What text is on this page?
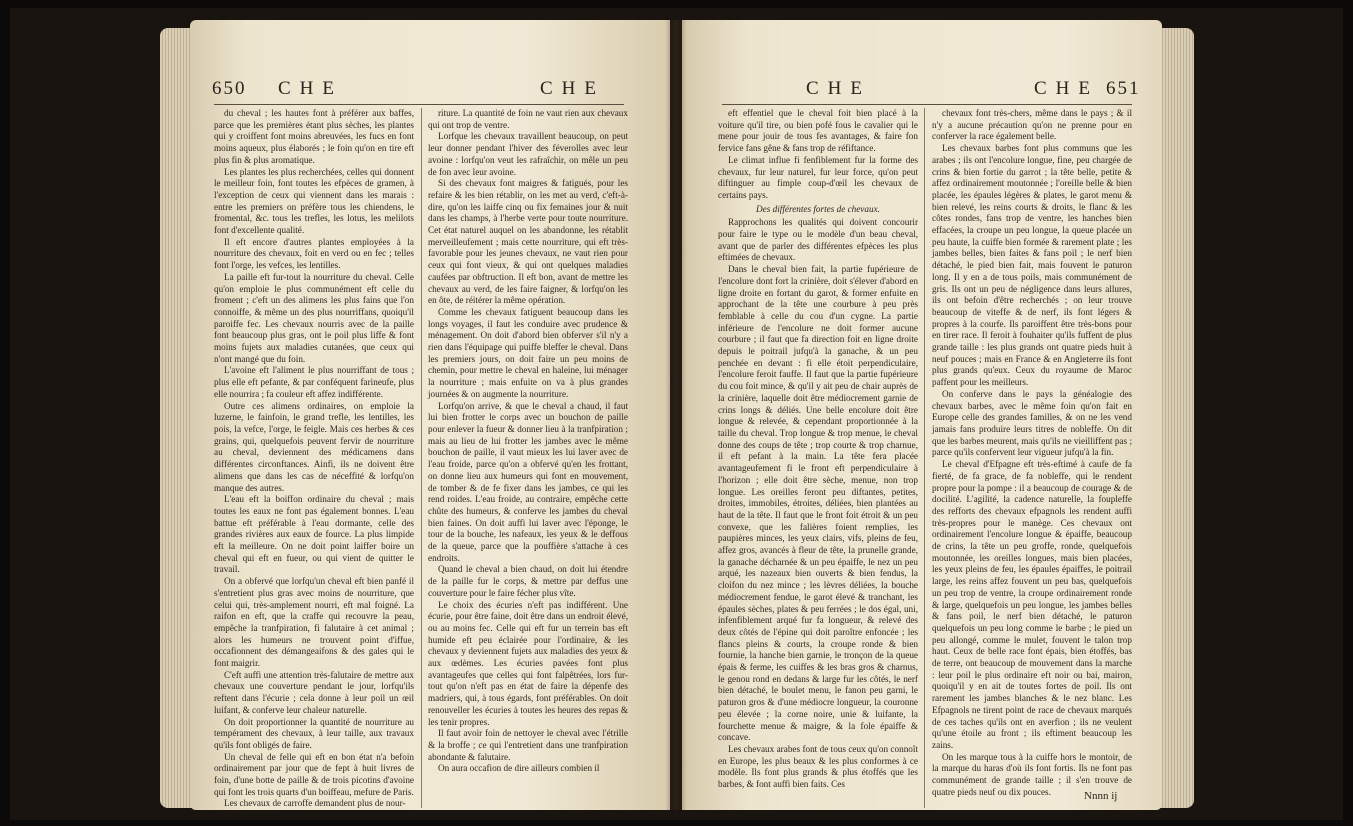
650 CHE	CHE

du cheval ; les hautes font à préférer aux baffes, parce que les premières étant plus sèches, les plantes qui y croiffent font moins abreuvées, les fucs en font moins aqueux, plus élaborés ; le foin qu'on en tire eft plus fin & plus aromatique.

Les plantes les plus recherchées, celles qui donnent le meilleur foin, font toutes les efpèces de gramen, à l'exception de ceux qui viennent dans les marais : entre les premiers on préfère tous les chiendens, le fromental, &c. tous les trefles, les lotus, les melilots font d'excellente qualité.

Il eft encore d'autres plantes employées à la nourriture des chevaux, foit en verd ou en fec ; telles font l'orge, les vefces, les lentilles.

La paille eft fur-tout la nourriture du cheval. Celle qu'on emploie le plus communément eft celle du froment ; c'eft un des alimens les plus fains que l'on connoiffe, & même un des plus nourriffans, quoiqu'il paroiffe fec. Les chevaux nourris avec de la paille font beaucoup plus gras, ont le poil plus liffe & font moins fujets aux maladies cutanées, que ceux qui n'ont mangé que du foin.

L'avoine eft l'aliment le plus nourriffant de tous ; plus elle eft pefante, & par conféquent farineufe, plus elle nourrira ; fa couleur eft affez indifférente.

Outre ces alimens ordinaires, on emploie la luzerne, le fainfoin, le grand trefle, les lentilles, les pois, la vefce, l'orge, le feigle. Mais ces herbes & ces grains, qui, quelquefois peuvent fervir de nourriture au cheval, deviennent des médicamens dans différentes circonftances. Ainfi, ils ne doivent être alimens que dans les cas de néceffité & lorfqu'on manque des autres.

L'eau eft la boiffon ordinaire du cheval ; mais toutes les eaux ne font pas également bonnes. L'eau battue eft préférable à l'eau dormante, celle des grandes rivières aux eaux de fource. La plus limpide eft la meilleure. On ne doit point laiffer boire un cheval qui eft en fueur, ou qui vient de quitter le travail.

On a obfervé que lorfqu'un cheval eft bien panfé il s'entretient plus gras avec moins de nourriture, que celui qui, très-amplement nourri, eft mal foigné. La raifon en eft, que la craffe qui recouvre la peau, empêche la tranfpiration, fi falutaire à cet animal ; alors les humeurs ne trouvent point d'iffue, occafionnent des démangeaifons & des gales qui le font maigrir.

C'eft auffi une attention très-falutaire de mettre aux chevaux une couverture pendant le jour, lorfqu'ils reftent dans l'écurie ; cela donne à leur poil un œil luifant, & conferve leur chaleur naturelle.

On doit proportionner la quantité de nourriture au tempérament des chevaux, à leur taille, aux travaux qu'ils font obligés de faire.

Un cheval de felle qui eft en bon état n'a befoin ordinairement par jour que de fept à huit livres de foin, d'une botte de paille & de trois picotins d'avoine qui font les trois quarts d'un boiffeau, mefure de Paris.

Les chevaux de carroffe demandent plus de nour-

riture. La quantité de foin ne vaut rien aux chevaux qui ont trop de ventre.

Lorfque les chevaux travaillent beaucoup, on peut leur donner pendant l'hiver des féverolles avec leur avoine : lorfqu'on veut les rafraîchir, on mêle un peu de fon avec leur avoine.

Si des chevaux font maigres & fatigués, pour les refaire & les bien rétablir, on les met au verd, c'eft-à-dire, qu'on les laiffe cinq ou fix femaines jour & nuit dans les champs, à l'herbe verte pour toute nourriture. Cet état naturel auquel on les abandonne, les rétablit merveilleufement ; mais cette nourriture, qui eft très-favorable pour les jeunes chevaux, ne vaut rien pour ceux qui font vieux, & qui ont quelques maladies caufées par obftruction. Il eft bon, avant de mettre les chevaux au verd, de les faire faigner, & lorfqu'on les en ôte, de réitérer la même opération.

Comme les chevaux fatiguent beaucoup dans les longs voyages, il faut les conduire avec prudence & ménagement. On doit d'abord bien obferver s'il n'y a rien dans l'équipage qui puiffe bleffer le cheval. Dans les premiers jours, on doit faire un peu moins de chemin, pour mettre le cheval en haleine, lui ménager la nourriture ; mais enfuite on va à plus grandes journées & on augmente la nourriture.

Lorfqu'on arrive, & que le cheval a chaud, il faut lui bien frotter le corps avec un bouchon de paille pour enlever la fueur & donner lieu à la tranfpiration ; mais au lieu de lui frotter les jambes avec le même bouchon de paille, il vaut mieux les lui laver avec de l'eau froide, parce qu'on a obfervé qu'en les frottant, on donne lieu aux humeurs qui font en mouvement, de tomber & de fe fixer dans les jambes, ce qui les rend roides. L'eau froide, au contraire, empêche cette chûte des humeurs, & conferve les jambes du cheval bien faines. On doit auffi lui laver avec l'éponge, le tour de la bouche, les nafeaux, les yeux & le deffous de la queue, parce que la pouffière s'attache à ces endroits.

Quand le cheval a bien chaud, on doit lui étendre de la paille fur le corps, & mettre par deffus une couverture pour le faire fécher plus vîte.

Le choix des écuries n'eft pas indifférent. Une écurie, pour être faine, doit être dans un endroit élevé, ou au moins fec. Celle qui eft fur un terrein bas eft humide eft peu éclairée pour l'ordinaire, & les chevaux y deviennent fujets aux maladies des yeux & aux œdèmes. Les écuries pavées font plus avantageufes que celles qui font falpêtrées, lors fur-tout qu'on n'eft pas en état de faire la dépenfe des madriers, qui, à tous égards, font préférables. On doit renouveller les écuries à toutes les heures des repas & les tenir propres.

Il faut avoir foin de nettoyer le cheval avec l'étrille & la broffe ; ce qui l'entretient dans une tranfpiration abondante & falutaire.

On aura occafion de dire ailleurs combien il

CHE	CHE 651

eft effentiel que le cheval foit bien placé à la voiture qu'il tire, ou bien pofé fous le cavalier qui le mene pour jouir de tous fes avantages, & faire fon fervice fans gêne & fans trop de réfiftance.

Le climat influe fi fenfiblement fur la forme des chevaux, fur leur naturel, fur leur force, qu'on peut diftinguer au fimple coup-d'œil les chevaux de certains pays.

Des différentes fortes de chevaux.

Rapprochons les qualités qui doivent concourir pour faire le type ou le modèle d'un beau cheval, avant que de parler des différentes efpèces les plus eftimées de chevaux.

Dans le cheval bien fait, la partie fupérieure de l'encolure dont fort la crinière, doit s'élever d'abord en ligne droite en fortant du garot, & former enfuite en approchant de la tête une courbure à peu près femblable à celle du cou d'un cygne. La partie inférieure de l'encolure ne doit former aucune courbure ; il faut que fa direction foit en ligne droite depuis le poitrail jufqu'à la ganache, & un peu penchée en devant : fi elle étoit perpendiculaire, l'encolure feroit fauffe. Il faut que la partie fupérieure du cou foit mince, & qu'il y ait peu de chair auprès de la crinière, laquelle doit être médiocrement garnie de crins longs & déliés. Une belle encolure doit être longue & relevée, & cependant proportionnée à la taille du cheval. Trop longue & trop menue, le cheval donne des coups de tête ; trop courte & trop charnue, il eft pefant à la main. La tête fera placée avantageufement fi le front eft perpendiculaire à l'horizon ; elle doit être sèche, menue, non trop longue. Les oreilles feront peu diftantes, petites, droites, immobiles, étroites, déliées, bien plantées au haut de la tête. Il faut que le front foit étroit & un peu convexe, que les falières foient remplies, les paupières minces, les yeux clairs, vifs, pleins de feu, affez gros, avancés à fleur de tête, la prunelle grande, la ganache décharnée & un peu épaiffe, le nez un peu arqué, les nazeaux bien ouverts & bien fendus, la cloifon du nez mince ; les lèvres déliées, la bouche médiocrement fendue, le garot élevé & tranchant, les épaules sèches, plates & peu ferrées ; le dos égal, uni, infenfiblement arqué fur fa longueur, & relevé des deux côtés de l'épine qui doit paroître enfoncée ; les flancs pleins & courts, la croupe ronde & bien fournie, la hanche bien garnie, le tronçon de la queue épais & ferme, les cuiffes & les bras gros & charnus, le genou rond en dedans & large fur les côtés, le nerf bien détaché, le boulet menu, le fanon peu garni, le paturon gros & d'une médiocre longueur, la couronne peu élevée ; la corne noire, unie & luifante, la fourchette menue & maigre, & la fole épaiffe & concave.

Les chevaux arabes font de tous ceux qu'on connoît en Europe, les plus beaux & les plus conformes à ce modèle. Ils font plus grands & plus étoffés que les barbes, & font auffi bien faits. Ces

chevaux font très-chers, même dans le pays ; & il n'y a aucune précaution qu'on ne prenne pour en conferver la race également belle.

Les chevaux barbes font plus communs que les arabes ; ils ont l'encolure longue, fine, peu chargée de crins & bien fortie du garrot ; la tête belle, petite & affez ordinairement moutonnée ; l'oreille belle & bien placée, les épaules légères & plates, le garot menu & bien relevé, les reins courts & droits, le flanc & les côtes rondes, fans trop de ventre, les hanches bien effacées, la croupe un peu longue, la queue placée un peu haute, la cuiffe bien formée & rarement plate ; les jambes belles, bien faites & fans poil ; le nerf bien détaché, le pied bien fait, mais fouvent le paturon long. Il y en a de tous poils, mais communément de gris. Ils ont un peu de négligence dans leurs allures, ils ont befoin d'être recherchés ; on leur trouve beaucoup de viteffe & de nerf, ils font légers & propres à la courfe. Ils paroiffent être très-bons pour en tirer race. Il feroit à fouhaiter qu'ils fuffent de plus grande taille : les plus grands ont quatre pieds huit à neuf pouces ; mais en France & en Angleterre ils font plus grands qu'eux. Ceux du royaume de Maroc paffent pour les meilleurs.

On conferve dans le pays la généalogie des chevaux barbes, avec le même foin qu'on fait en Europe celle des grandes familles, & on ne les vend jamais fans produire leurs titres de nobleffe. On dit que les barbes meurent, mais qu'ils ne vieilliffent pas ; parce qu'ils confervent leur vigueur jufqu'à la fin.

Le cheval d'Efpagne eft très-eftimé à caufe de fa fierté, de fa grace, de fa nobleffe, qui le rendent propre pour la pompe : il a beaucoup de courage & de docilité. L'agilité, la cadence naturelle, la foupleffe des refforts des chevaux efpagnols les rendent auffi très-propres pour le manège. Ces chevaux ont ordinairement l'encolure longue & épaiffe, beaucoup de crins, la tête un peu groffe, ronde, quelquefois moutonnée, les oreilles longues, mais bien placées, les yeux pleins de feu, les épaules épaiffes, le poitrail large, les reins affez fouvent un peu bas, quelquefois un peu trop de ventre, la croupe ordinairement ronde & large, quelquefois un peu longue, les jambes belles & fans poil, le nerf bien détaché, le paturon quelquefois un peu long comme le barbe ; le pied un peu allongé, comme le mulet, fouvent le talon trop haut. Ceux de belle race font épais, bien étoffés, bas de terre, ont beaucoup de mouvement dans la marche : leur poil le plus ordinaire eft noir ou bai, mairon, quoiqu'il y en ait de toutes fortes de poil. Ils ont rarement les jambes blanches & le nez blanc. Les Efpagnols ne tirent point de race de chevaux marqués de ces taches qu'ils ont en averfion ; ils ne veulent qu'une étoile au front ; ils eftiment beaucoup les zains.

On les marque tous à la cuiffe hors le montoir, de la marque du haras d'où ils font fortis. Ils ne font pas communément de grande taille ; il s'en trouve de quatre pieds neuf ou dix pouces.	Nnnn ij
